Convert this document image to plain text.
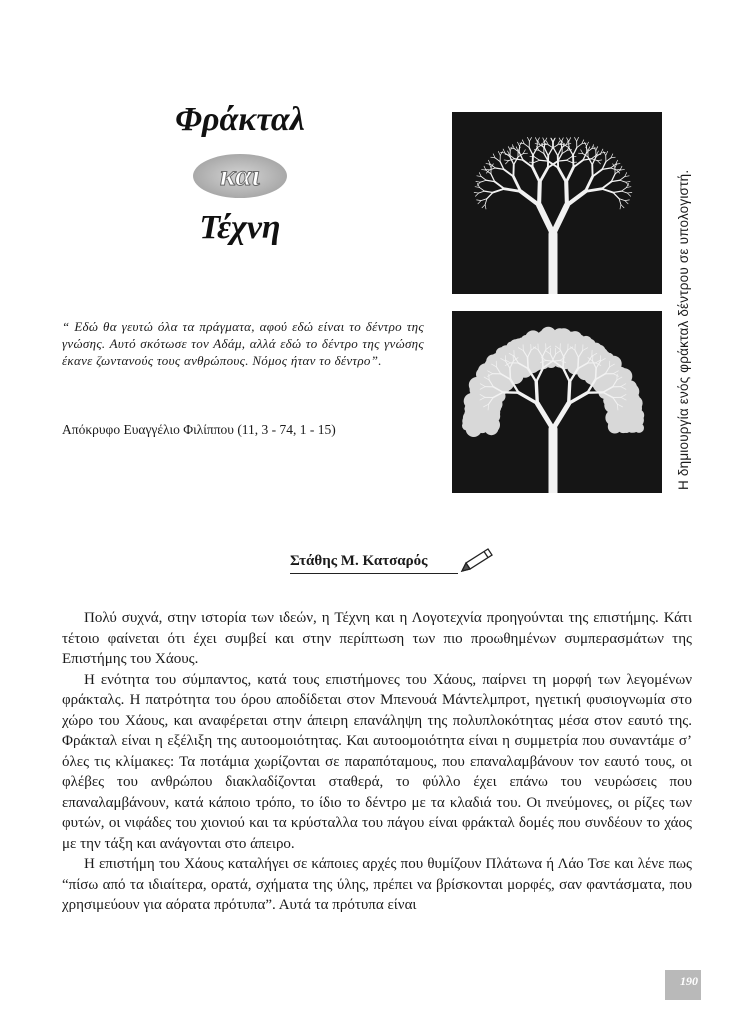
Φράκταλ
και
Τέχνη
“ Εδώ θα γευτώ όλα τα πράγματα, αφού εδώ είναι το δέντρο της γνώσης. Αυτό σκότωσε τον Αδάμ, αλλά εδώ το δέντρο της γνώσης έκανε ζωντανούς τους ανθρώπους. Νόμος ήταν το δέντρο”.
Απόκρυφο Ευαγγέλιο Φιλίππου (11, 3 - 74, 1 - 15)	Η δημιουργία ενός φράκταλ δέντρου σε υπολογιστή.
Στάθης Μ. Κατσαρός

Πολύ συχνά, στην ιστορία των ιδεών, η Τέχνη και η Λογοτεχνία προηγούνται της επιστήμης. Κάτι τέτοιο φαίνεται ότι έχει συμβεί και στην περίπτωση των πιο προωθημένων συμπερασμάτων της Επιστήμης του Χάους.

Η ενότητα του σύμπαντος, κατά τους επιστήμονες του Χάους, παίρνει τη μορφή των λεγομένων φράκταλς. Η πατρότητα του όρου αποδίδεται στον Μπενουά Μάντελμπροτ, ηγετική φυσιογνωμία στο χώρο του Χάους, και αναφέρεται στην άπειρη επανάληψη της πολυπλοκότητας μέσα στον εαυτό της. Φράκταλ είναι η εξέλιξη της αυτοομοιότητας. Και αυτοομοιότητα είναι η συμμετρία που συναντάμε σ’ όλες τις κλίμακες: Τα ποτάμια χωρίζονται σε παραπόταμους, που επαναλαμβάνουν τον εαυτό τους, οι φλέβες του ανθρώπου διακλαδίζονται σταθερά, το φύλλο έχει επάνω του νευρώσεις που επαναλαμβάνουν, κατά κάποιο τρόπο, το ίδιο το δέντρο με τα κλαδιά του. Οι πνεύμονες, οι ρίζες των φυτών, οι νιφάδες του χιονιού και τα κρύσταλλα του πάγου είναι φράκταλ δομές που συνδέουν το χάος με την τάξη και ανάγονται στο άπειρο.

Η επιστήμη του Χάους καταλήγει σε κάποιες αρχές που θυμίζουν Πλάτωνα ή Λάο Τσε και λένε πως “πίσω από τα ιδιαίτερα, ορατά, σχήματα της ύλης, πρέπει να βρίσκονται μορφές, σαν φαντάσματα, που χρησιμεύουν για αόρατα πρότυπα”. Αυτά τα πρότυπα είναι

190
